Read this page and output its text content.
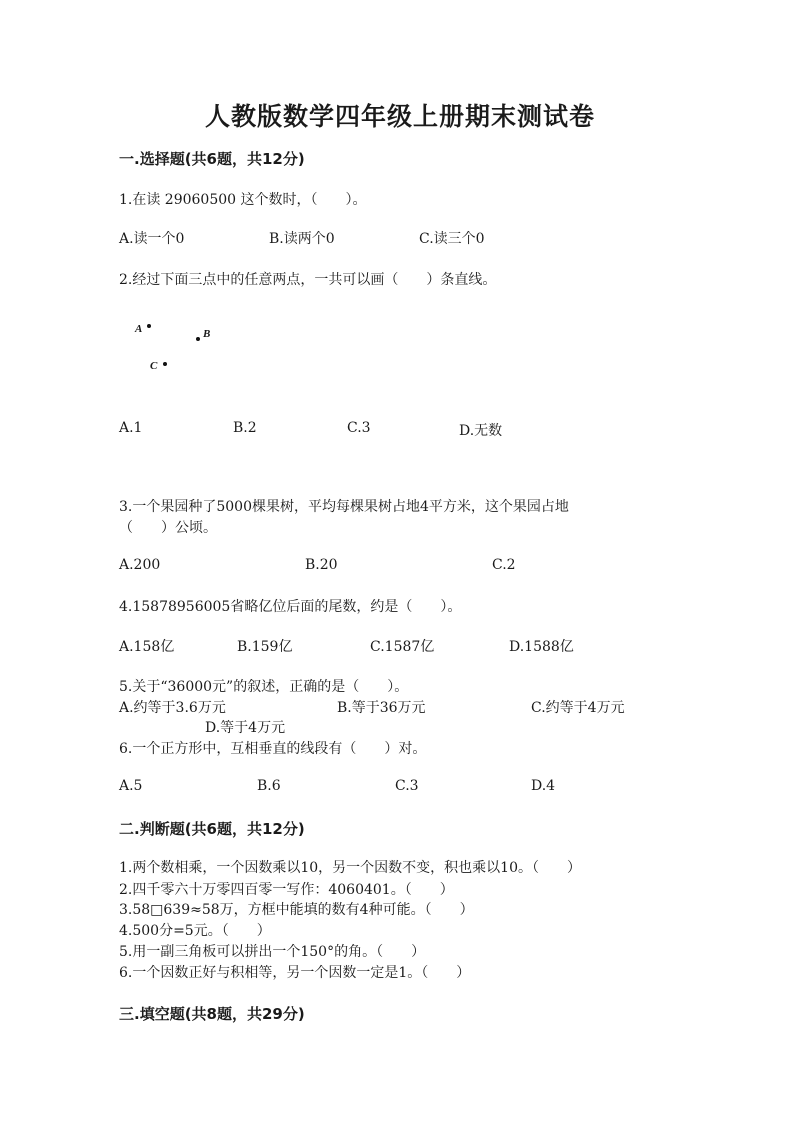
人教版数学四年级上册期末测试卷
一.选择题(共6题，共12分)
1.在读 29060500 这个数时，（　　）。
A.读一个0	B.读两个0	C.读三个0
2.经过下面三点中的任意两点，一共可以画（　　）条直线。
A	B
C
A.1	B.2	C.3	D.无数
3.一个果园种了5000棵果树，平均每棵果树占地4平方米，这个果园占地
（　　）公顷。
A.200	B.20	C.2
4.15878956005省略亿位后面的尾数，约是（　　）。
A.158亿	B.159亿	C.1587亿	D.1588亿
5.关于“36000元”的叙述，正确的是（　　）。
A.约等于3.6万元	B.等于36万元	C.约等于4万元
D.等于4万元
6.一个正方形中，互相垂直的线段有（　　）对。
A.5	B.6	C.3	D.4
二.判断题(共6题，共12分)
1.两个数相乘，一个因数乘以10，另一个因数不变，积也乘以10。（　　）
2.四千零六十万零四百零一写作：4060401。（　　）
3.58□639≈58万，方框中能填的数有4种可能。（　　）
4.500分=5元。（　　）
5.用一副三角板可以拼出一个150°的角。（　　）
6.一个因数正好与积相等，另一个因数一定是1。（　　）
三.填空题(共8题，共29分)
